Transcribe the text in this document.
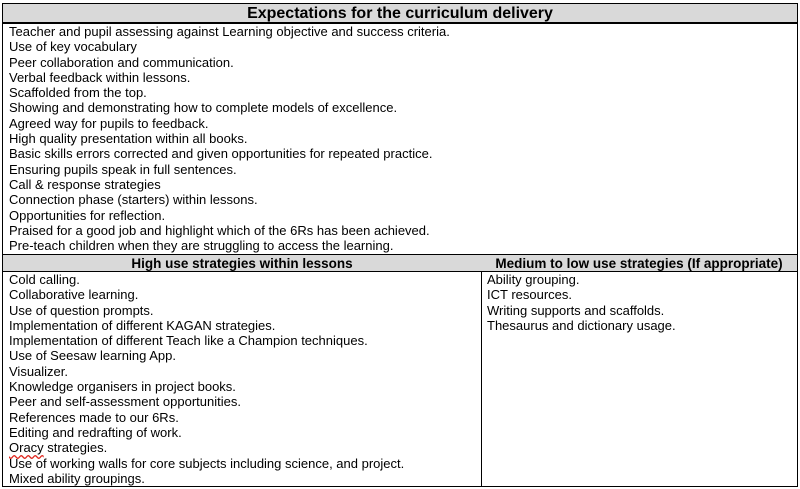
Expectations for the curriculum delivery
Teacher and pupil assessing against Learning objective and success criteria.
Use of key vocabulary
Peer collaboration and communication.
Verbal feedback within lessons.
Scaffolded from the top.
Showing and demonstrating how to complete models of excellence.
Agreed way for pupils to feedback.
High quality presentation within all books.
Basic skills errors corrected and given opportunities for repeated practice.
Ensuring pupils speak in full sentences.
Call & response strategies
Connection phase (starters) within lessons.
Opportunities for reflection.
Praised for a good job and highlight which of the 6Rs has been achieved.
Pre-teach children when they are struggling to access the learning.
High use strategies within lessons	Medium to low use strategies (If appropriate)
Cold calling.
Collaborative learning.
Use of question prompts.
Implementation of different KAGAN strategies.
Implementation of different Teach like a Champion techniques.
Use of Seesaw learning App.
Visualizer.
Knowledge organisers in project books.
Peer and self-assessment opportunities.
References made to our 6Rs.
Editing and redrafting of work.
Oracy strategies.
Use of working walls for core subjects including science, and project.
Mixed ability groupings.
Ability grouping.
ICT resources.
Writing supports and scaffolds.
Thesaurus and dictionary usage.
